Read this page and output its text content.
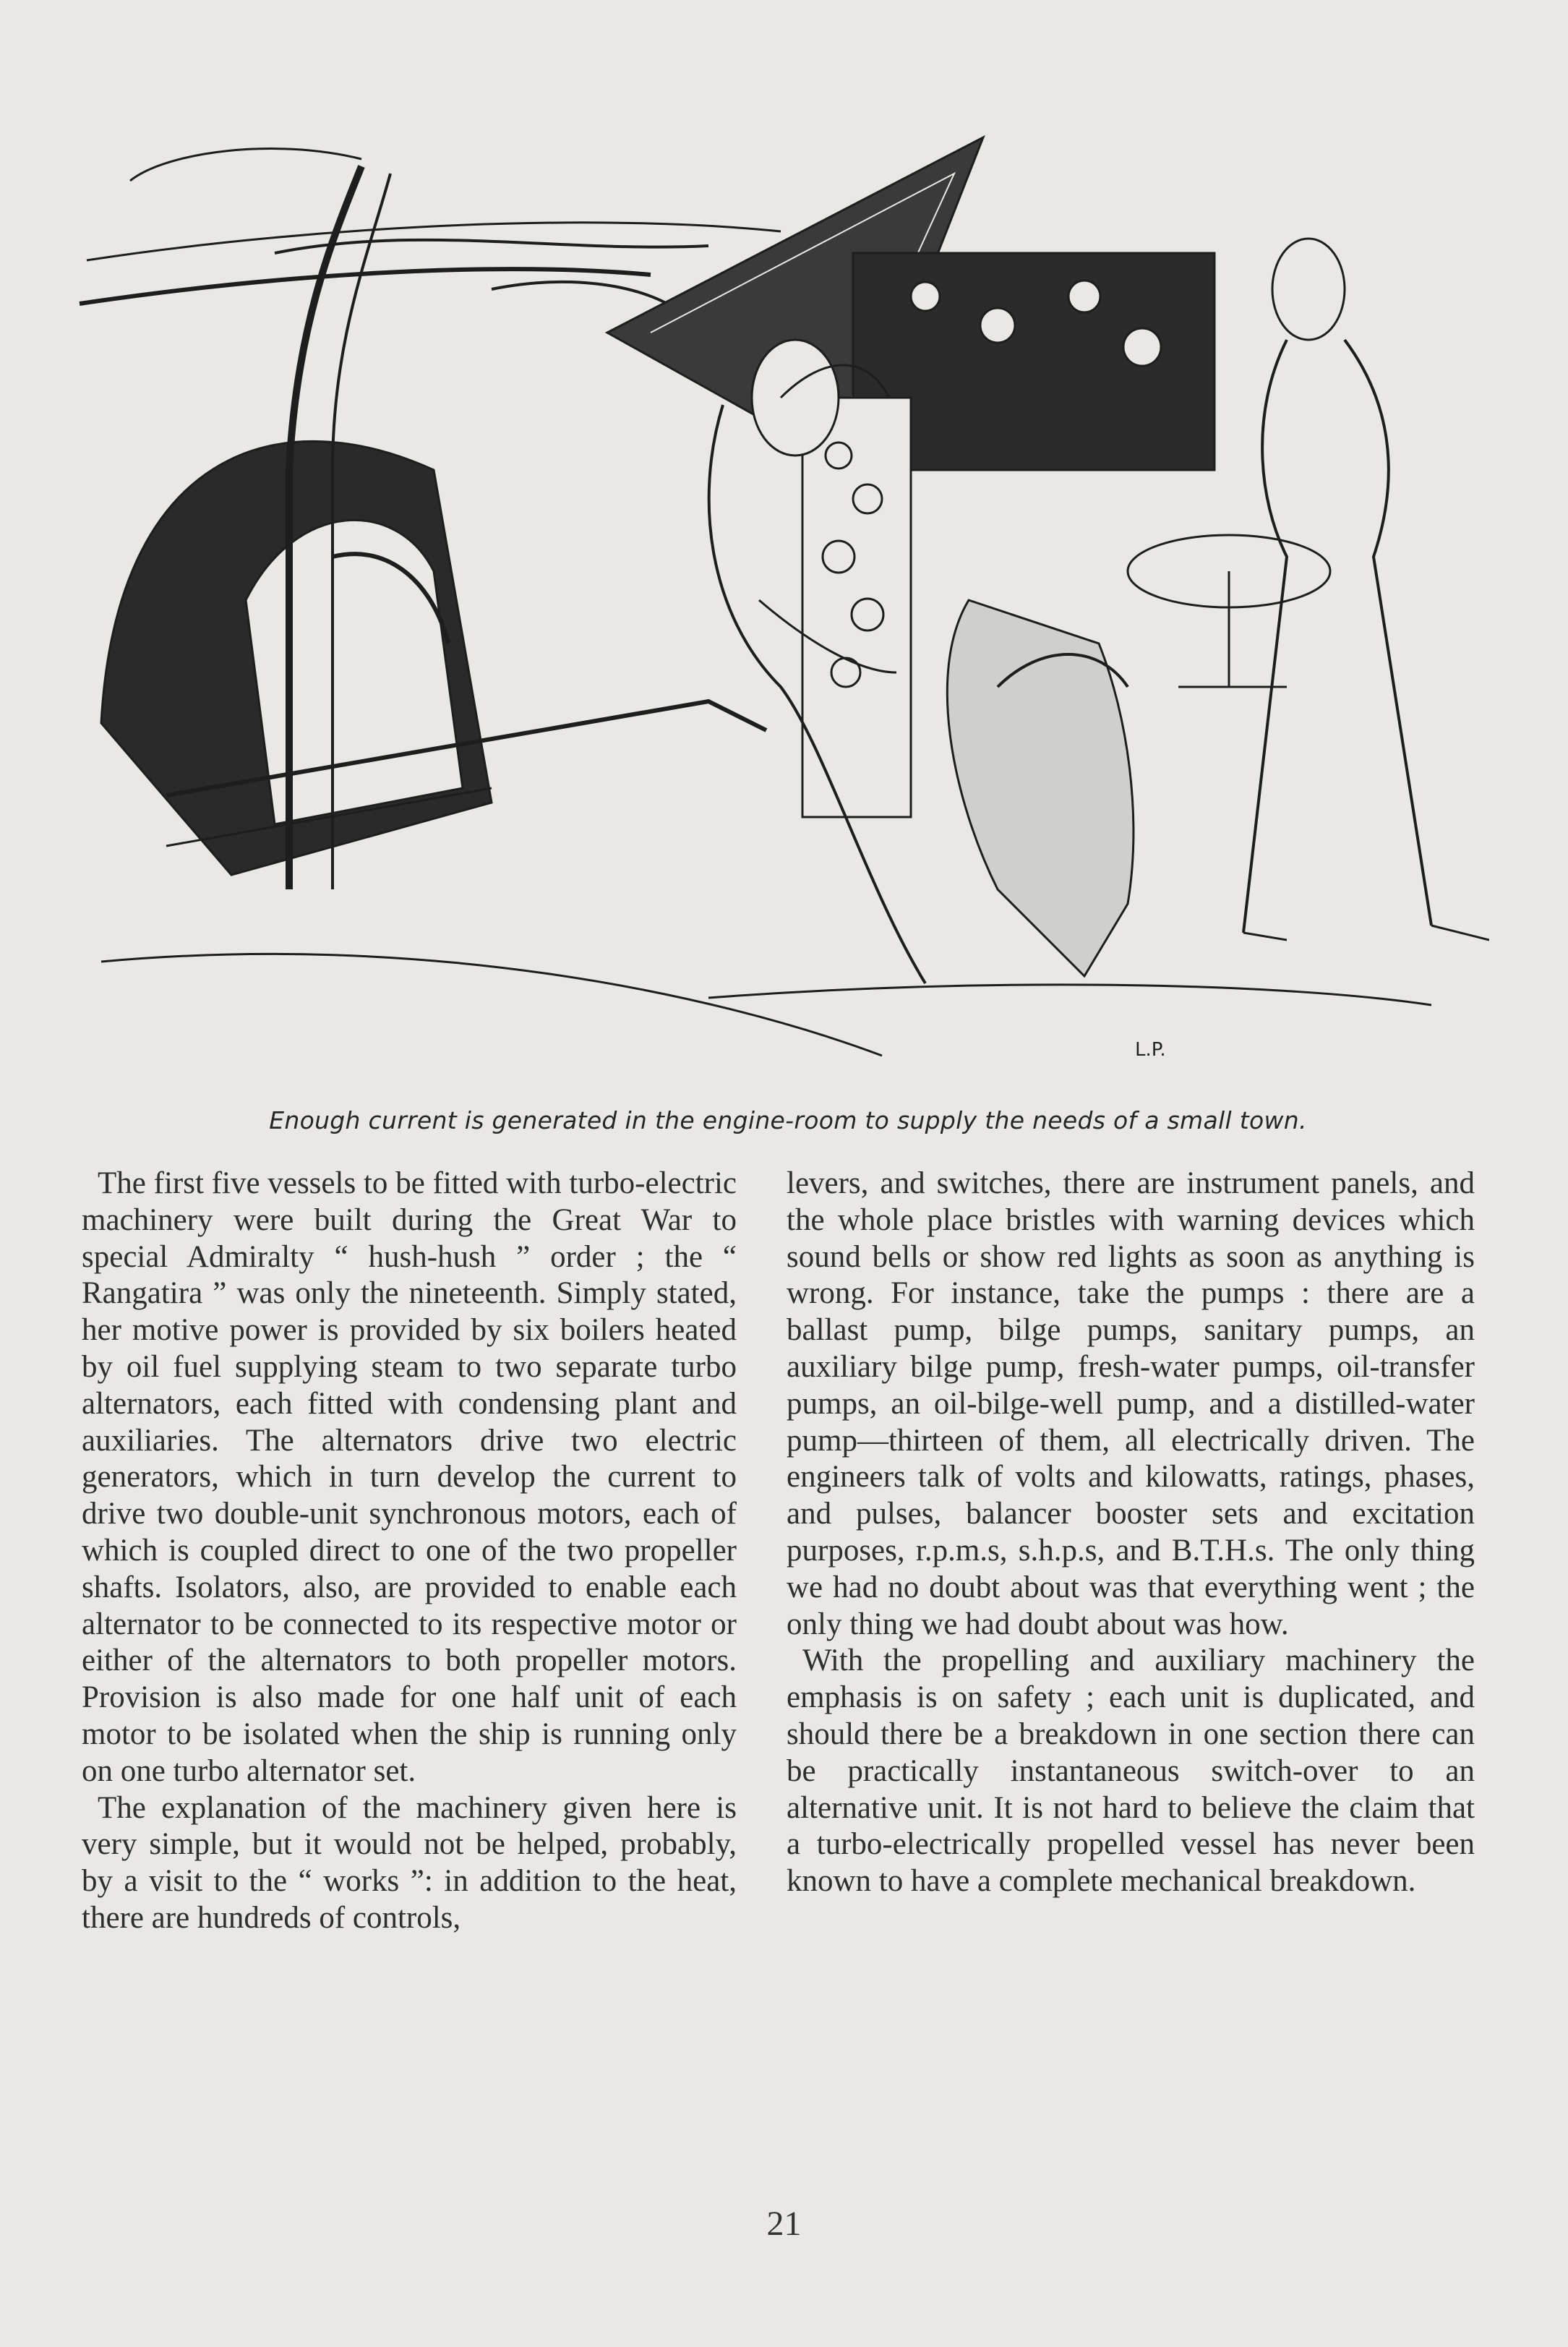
L.P.
Enough current is generated in the engine-room to supply the needs of a small town.

The first five vessels to be fitted with turbo-electric machinery were built during the Great War to special Admiralty “ hush-hush ” order ; the “ Rangatira ” was only the nineteenth. Simply stated, her motive power is provided by six boilers heated by oil fuel supplying steam to two separate turbo alternators, each fitted with condensing plant and auxiliaries. The alternators drive two electric generators, which in turn develop the current to drive two double-unit synchronous motors, each of which is coupled direct to one of the two propeller shafts. Isolators, also, are provided to enable each alternator to be connected to its respective motor or either of the alternators to both propeller motors. Provision is also made for one half unit of each motor to be isolated when the ship is running only on one turbo alternator set.

The explanation of the machinery given here is very simple, but it would not be helped, probably, by a visit to the “ works ”: in addition to the heat, there are hundreds of controls,

levers, and switches, there are instrument panels, and the whole place bristles with warning devices which sound bells or show red lights as soon as anything is wrong. For instance, take the pumps : there are a ballast pump, bilge pumps, sanitary pumps, an auxiliary bilge pump, fresh-water pumps, oil-transfer pumps, an oil-bilge-well pump, and a distilled-water pump—thirteen of them, all electrically driven. The engineers talk of volts and kilowatts, ratings, phases, and pulses, balancer booster sets and excitation purposes, r.p.m.s, s.h.p.s, and B.T.H.s. The only thing we had no doubt about was that everything went ; the only thing we had doubt about was how.

With the propelling and auxiliary machinery the emphasis is on safety ; each unit is duplicated, and should there be a breakdown in one section there can be practically instantaneous switch-over to an alternative unit. It is not hard to believe the claim that a turbo-electrically propelled vessel has never been known to have a complete mechanical breakdown.

21
